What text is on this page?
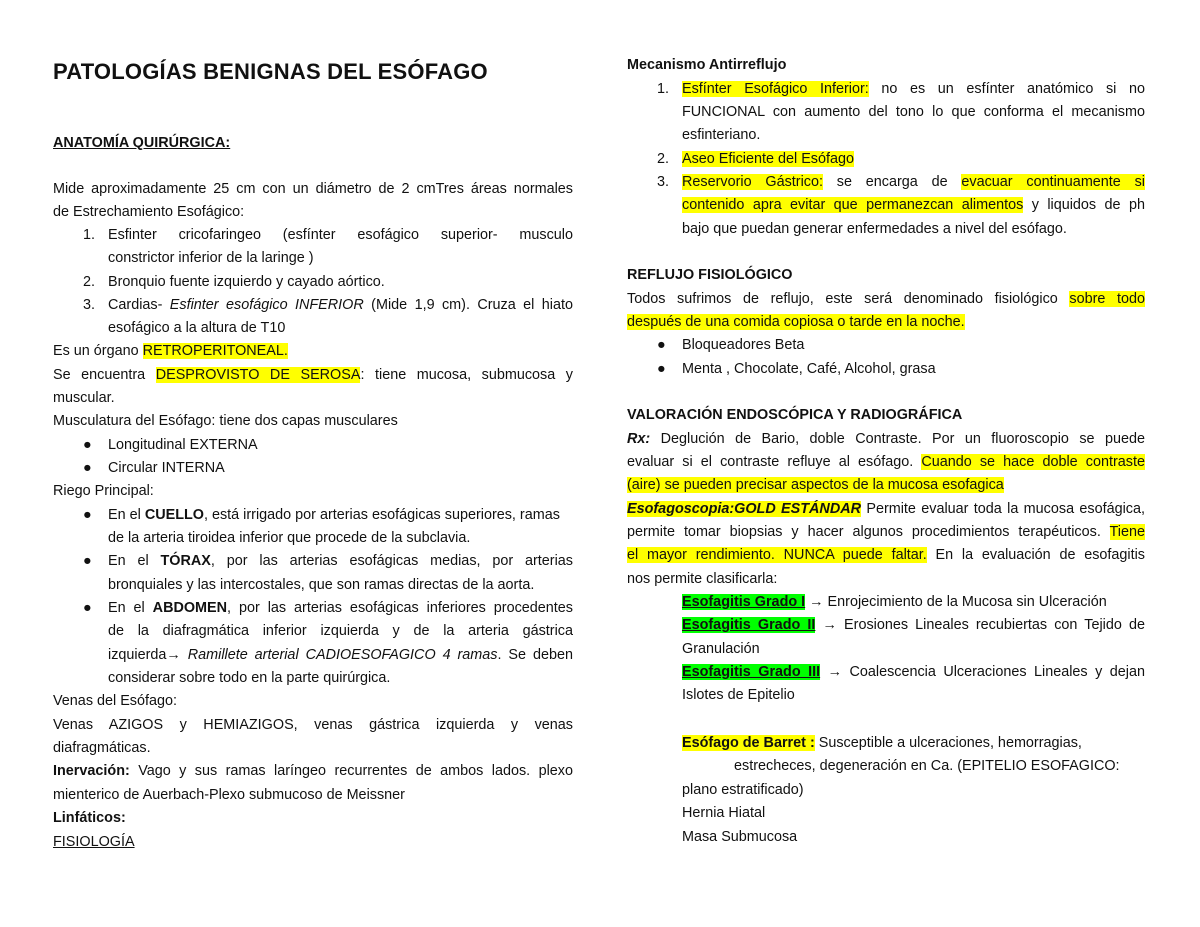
PATOLOGÍAS BENIGNAS DEL ESÓFAGO
ANATOMÍA QUIRÚRGICA:
Mide aproximadamente 25 cm con un diámetro de 2 cmTres áreas normales
de Estrechamiento Esofágico:
1. Esfinter cricofaringeo (esfínter esofágico superior- musculo
constrictor inferior de la laringe )
2. Bronquio fuente izquierdo y cayado aórtico.
3. Cardias- Esfinter esofágico INFERIOR (Mide 1,9 cm). Cruza el hiato
esofágico a la altura de T10
Es un órgano RETROPERITONEAL.
Se encuentra DESPROVISTO DE SEROSA: tiene mucosa, submucosa y
muscular.
Musculatura del Esófago: tiene dos capas musculares
●	Longitudinal EXTERNA
●	Circular INTERNA
Riego Principal:
●	En el CUELLO, está irrigado por arterias esofágicas superiores, ramas
de la arteria tiroidea inferior que procede de la subclavia.
●	En el TÓRAX, por las arterias esofágicas medias, por arterias
bronquiales y las intercostales, que son ramas directas de la aorta.
●	En el ABDOMEN, por las arterias esofágicas inferiores procedentes
de la diafragmática inferior izquierda y de la arteria gástrica
izquierda→ Ramillete arterial CADIOESOFAGICO 4 ramas. Se deben
considerar sobre todo en la parte quirúrgica.
Venas del Esófago:
Venas AZIGOS y HEMIAZIGOS, venas gástrica izquierda y venas
diafragmáticas.
Inervación: Vago y sus ramas laríngeo recurrentes de ambos lados. plexo
mienterico de Auerbach-Plexo submucoso de Meissner
Linfáticos:
FISIOLOGÍA
Mecanismo Antirreflujo
1. Esfínter Esofágico Inferior: no es un esfínter anatómico si no
FUNCIONAL con aumento del tono lo que conforma el mecanismo
esfinteriano.
2. Aseo Eficiente del Esófago
3. Reservorio Gástrico: se encarga de evacuar continuamente si
contenido apra evitar que permanezcan alimentos y liquidos de ph
bajo que puedan generar enfermedades a nivel del esófago.
REFLUJO FISIOLÓGICO
Todos sufrimos de reflujo, este será denominado fisiológico sobre todo
después de una comida copiosa o tarde en la noche.
●	Bloqueadores Beta
●	Menta , Chocolate, Café, Alcohol, grasa
VALORACIÓN ENDOSCÓPICA Y RADIOGRÁFICA
Rx: Deglución de Bario, doble Contraste. Por un fluoroscopio se puede
evaluar si el contraste refluye al esófago. Cuando se hace doble contraste
(aire) se pueden precisar aspectos de la mucosa esofagica
Esofagoscopia:GOLD ESTÁNDAR Permite evaluar toda la mucosa esofágica,
permite tomar biopsias y hacer algunos procedimientos terapéuticos. Tiene
el mayor rendimiento. NUNCA puede faltar. En la evaluación de esofagitis
nos permite clasificarla:
Esofagitis Grado I → Enrojecimiento de la Mucosa sin Ulceración
Esofagitis Grado II → Erosiones Lineales recubiertas con Tejido de
Granulación
Esofagitis Grado III → Coalescencia Ulceraciones Lineales y dejan
Islotes de Epitelio
Esófago de Barret : Susceptible a ulceraciones, hemorragias,
estrecheces, degeneración en Ca. (EPITELIO ESOFAGICO:
plano estratificado)
Hernia Hiatal
Masa Submucosa
